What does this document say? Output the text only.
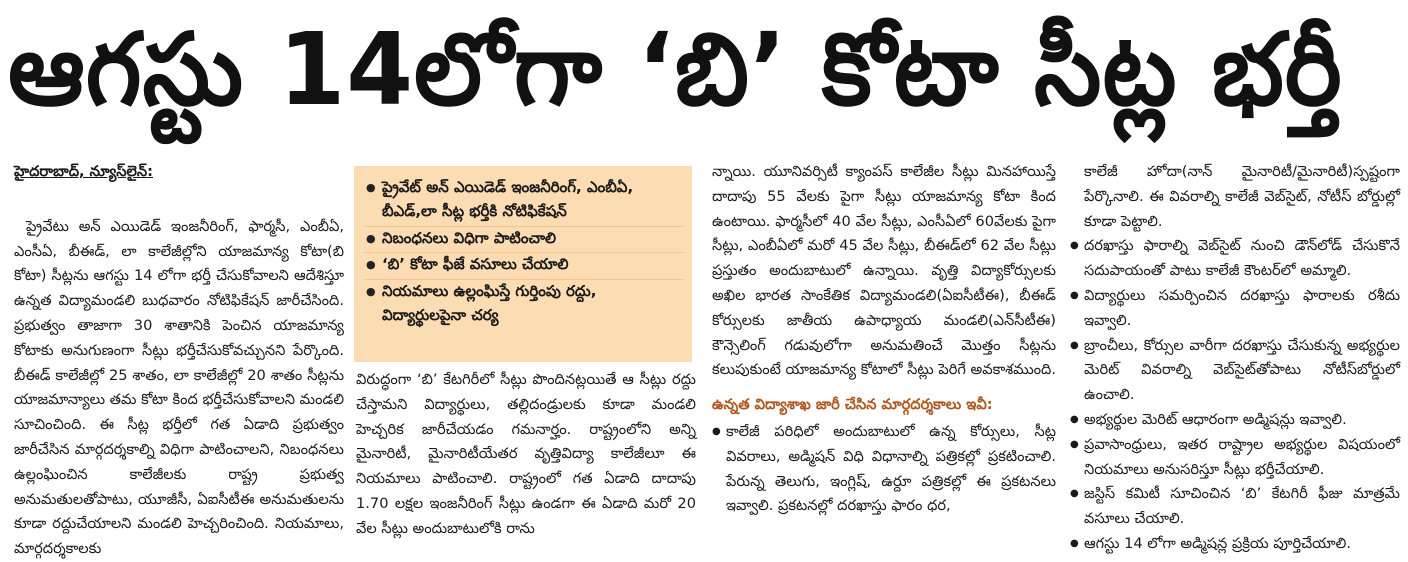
ఆగస్టు 14లోగా ‘బి’ కోటా సీట్ల భర్తీ
హైదరాబాద్, న్యూస్‌లైన్:

ప్రైవేటు అన్ ఎయిడెడ్ ఇంజనీరింగ్, ఫార్మసీ, ఎంబీఏ, ఎంసీఏ, బీఈడ్, లా కాలేజీల్లోని యాజమాన్య కోటా(బి కోటా) సీట్లను ఆగస్టు 14 లోగా భర్తీ చేసుకోవాలని ఆదేశిస్తూ ఉన్నత విద్యామండలి బుధవారం నోటిఫికేషన్ జారీచేసింది. ప్రభుత్వం తాజాగా 30 శాతానికి పెంచిన యాజమాన్య కోటాకు అనుగుణంగా సీట్లు భర్తీచేసుకోవచ్చునని పేర్కొంది. బీఈడ్ కాలేజీల్లో 25 శాతం, లా కాలేజీల్లో 20 శాతం సీట్లను యాజమాన్యాలు తమ కోటా కింద భర్తీచేసుకోవాలని మండలి సూచించింది. ఈ సీట్ల భర్తీలో గత ఏడాది ప్రభుత్వం జారీచేసిన మార్గదర్శకాల్ని విధిగా పాటించాలని, నిబంధనలు ఉల్లంఘించిన కాలేజీలకు రాష్ట్ర ప్రభుత్వ అనుమతులతోపాటు, యూజీసీ, ఏఐసీటీఈ అనుమతులను కూడా రద్దుచేయాలని మండలి హెచ్చరించింది. నియమాలు, మార్గదర్శకాలకు

● ప్రైవేట్ అన్ ఎయిడెడ్ ఇంజనీరింగ్, ఎంబీఏ, బీఎడ్,లా సీట్ల భర్తీకి నోటిఫికేషన్
● నిబంధనలు విధిగా పాటించాలి
● ‘బి’ కోటా ఫీజే వసూలు చేయాలి
● నియమాలు ఉల్లంఘిస్తే గుర్తింపు రద్దు, విద్యార్థులపైనా చర్య

విరుద్ధంగా ‘బి’ కేటగిరీలో సీట్లు పొందినట్లయితే ఆ సీట్లు రద్దు చేస్తామని విద్యార్థులు, తల్లిదండ్రులకు కూడా మండలి హెచ్చరిక జారీచేయడం గమనార్హం. రాష్ట్రంలోని అన్ని మైనారిటీ, మైనారిటీయేతర వృత్తివిద్యా కాలేజీలూ ఈ నియమాలు పాటించాలి. రాష్ట్రంలో గత ఏడాది దాదాపు 1.70 లక్షల ఇంజనీరింగ్ సీట్లు ఉండగా ఈ ఏడాది మరో 20 వేల సీట్లు అందుబాటులోకి రాను

న్నాయి. యూనివర్సిటీ క్యాంపస్ కాలేజీల సీట్లు మినహాయిస్తే దాదాపు 55 వేలకు పైగా సీట్లు యాజమాన్య కోటా కింద ఉంటాయి. ఫార్మసీలో 40 వేల సీట్లు, ఎంసీఏలో 60వేలకు పైగా సీట్లు, ఎంబీఏలో మరో 45 వేల సీట్లు, బీఈడ్‌లో 62 వేల సీట్లు ప్రస్తుతం అందుబాటులో ఉన్నాయి. వృత్తి విద్యాకోర్సులకు అఖిల భారత సాంకేతిక విద్యామండలి(ఏఐసీటీఈ), బీఈడ్ కోర్సులకు జాతీయ ఉపాధ్యాయ మండలి(ఎన్‌సీటీఈ) కౌన్సెలింగ్ గడువులోగా అనుమతించే మొత్తం సీట్లను కలుపుకుంటే యాజమాన్య కోటాలో సీట్లు పెరిగే అవకాశముంది.

ఉన్నత విద్యాశాఖ జారీ చేసిన మార్గదర్శకాలు ఇవీ:
● కాలేజీ పరిధిలో అందుబాటులో ఉన్న కోర్సులు, సీట్ల వివరాలు, అడ్మిషన్ విధి విధానాల్ని పత్రికల్లో ప్రకటించాలి. పేరున్న తెలుగు, ఇంగ్లిష్, ఉర్దూ పత్రికల్లో ఈ ప్రకటనలు ఇవ్వాలి. ప్రకటనల్లో దరఖాస్తు ఫారం ధర,

కాలేజీ హోదా(నాన్ మైనారిటీ/మైనారిటీ)స్పష్టంగా పేర్కొనాలి. ఈ వివరాల్ని కాలేజీ వెబ్‌సైట్, నోటీస్ బోర్డుల్లో కూడా పెట్టాలి.

● దరఖాస్తు ఫారాల్ని వెబ్‌సైట్ నుంచి డౌన్‌లోడ్ చేసుకొనే సదుపాయంతో పాటు కాలేజీ కౌంటర్‌లో అమ్మాలి.
● విద్యార్థులు సమర్పించిన దరఖాస్తు ఫారాలకు రశీదు ఇవ్వాలి.
● బ్రాంచీలు, కోర్సుల వారీగా దరఖాస్తు చేసుకున్న అభ్యర్థుల మెరిట్ వివరాల్ని వెబ్‌సైట్‌తోపాటు నోటీస్‌బోర్డులో ఉంచాలి.
● అభ్యర్థుల మెరిట్ ఆధారంగా అడ్మిషన్లు ఇవ్వాలి.
● ప్రవాసాంధ్రులు, ఇతర రాష్ట్రాల అభ్యర్థుల విషయంలో నియమాలు అనుసరిస్తూ సీట్లు భర్తీచేయాలి.
● జస్టిస్ కమిటీ సూచించిన ‘బి’ కేటగిరీ ఫీజు మాత్రమే వసూలు చేయాలి.
● ఆగస్టు 14 లోగా అడ్మిషన్ల ప్రక్రియ పూర్తిచేయాలి.
